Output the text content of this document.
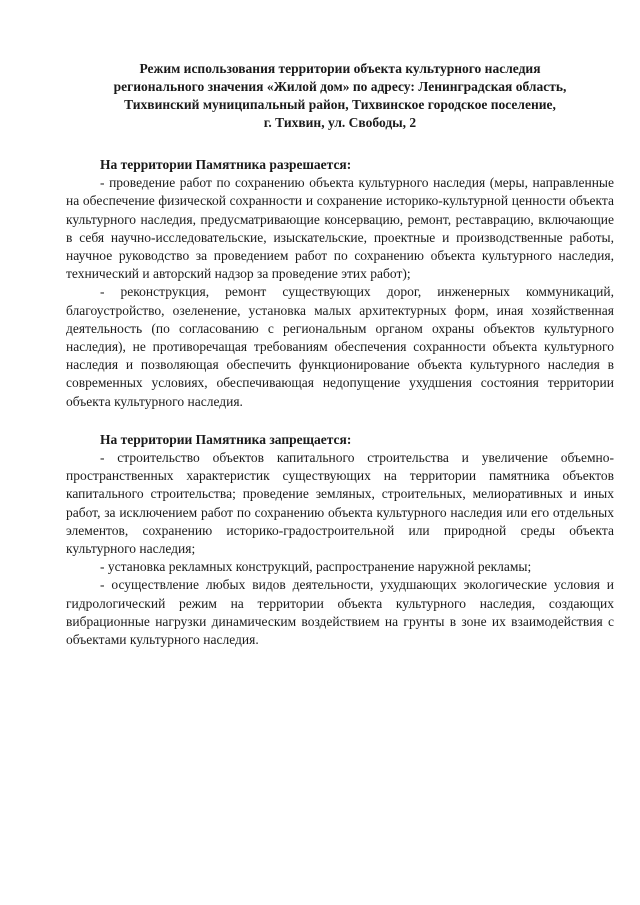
Режим использования территории объекта культурного наследия
регионального значения «Жилой дом» по адресу: Ленинградская область,
Тихвинский муниципальный район, Тихвинское городское поселение,
г. Тихвин, ул. Свободы, 2

На территории Памятника разрешается:

- проведение работ по сохранению объекта культурного наследия (меры, направленные на обеспечение физической сохранности и сохранение историко-культурной ценности объекта культурного наследия, предусматривающие консервацию, ремонт, реставрацию, включающие в себя научно-исследовательские, изыскательские, проектные и производственные работы, научное руководство за проведением работ по сохранению объекта культурного наследия, технический и авторский надзор за проведение этих работ);

- реконструкция, ремонт существующих дорог, инженерных коммуникаций, благоустройство, озеленение, установка малых архитектурных форм, иная хозяйственная деятельность (по согласованию с региональным органом охраны объектов культурного наследия), не противоречащая требованиям обеспечения сохранности объекта культурного наследия и позволяющая обеспечить функционирование объекта культурного наследия в современных условиях, обеспечивающая недопущение ухудшения состояния территории объекта культурного наследия.

На территории Памятника запрещается:

- строительство объектов капитального строительства и увеличение объемно-пространственных характеристик существующих на территории памятника объектов капитального строительства; проведение земляных, строительных, мелиоративных и иных работ, за исключением работ по сохранению объекта культурного наследия или его отдельных элементов, сохранению историко-градостроительной или природной среды объекта культурного наследия;

- установка рекламных конструкций, распространение наружной рекламы;

- осуществление любых видов деятельности, ухудшающих экологические условия и гидрологический режим на территории объекта культурного наследия, создающих вибрационные нагрузки динамическим воздействием на грунты в зоне их взаимодействия с объектами культурного наследия.
